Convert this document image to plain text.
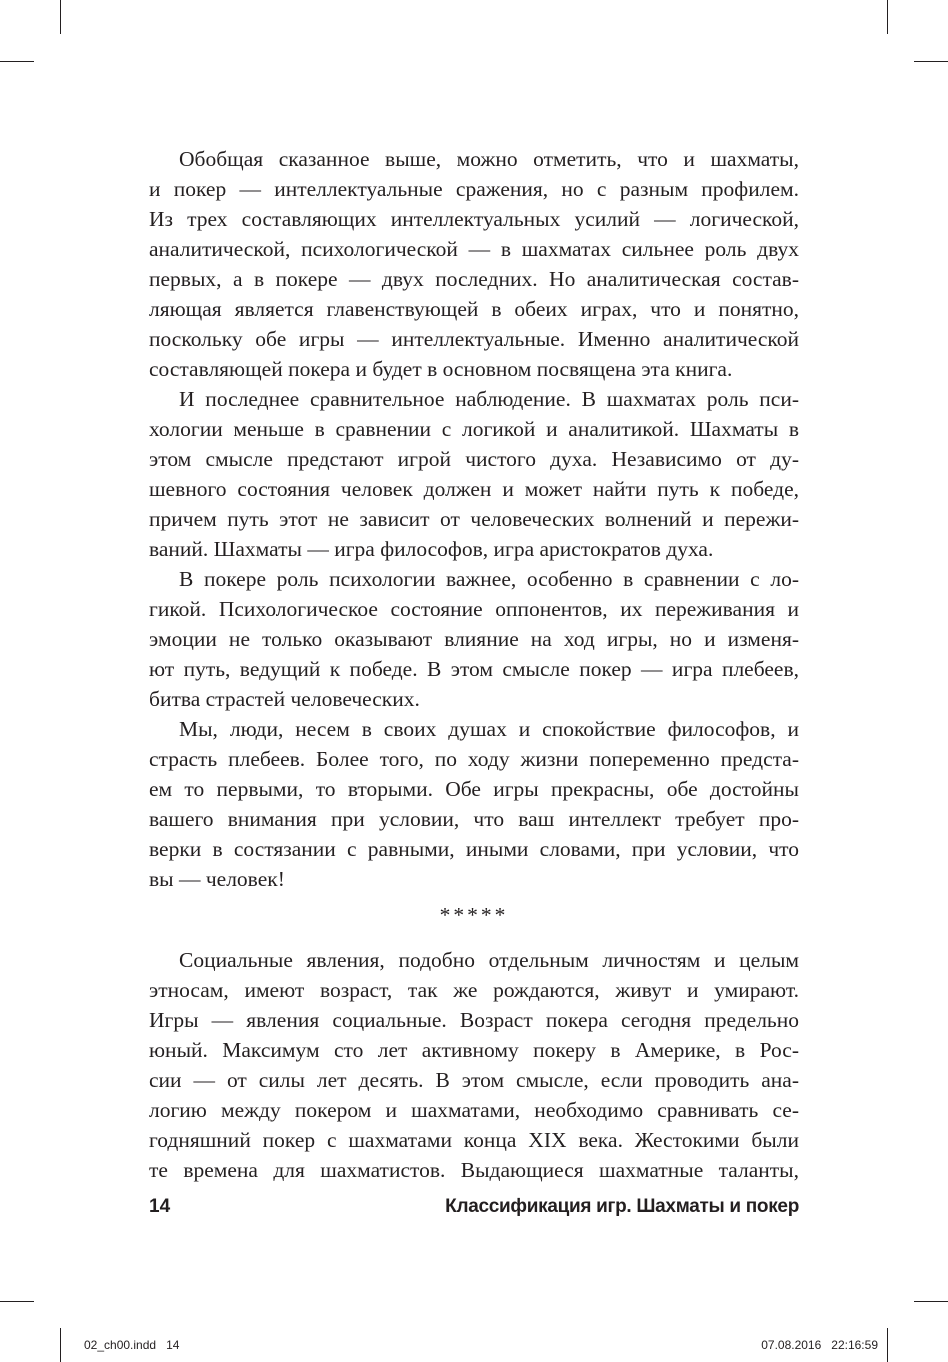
Обобщая сказанное выше, можно отметить, что и шахматы,
и покер — интеллектуальные сражения, но с разным профилем.
Из трех составляющих интеллектуальных усилий — логической,
аналитической, психологической — в шахматах сильнее роль двух
первых, а в покере — двух последних. Но аналитическая состав-
ляющая является главенствующей в обеих играх, что и понятно,
поскольку обе игры — интеллектуальные. Именно аналитической
составляющей покера и будет в основном посвящена эта книга.
И последнее сравнительное наблюдение. В шахматах роль пси-
хологии меньше в сравнении с логикой и аналитикой. Шахматы в
этом смысле предстают игрой чистого духа. Независимо от ду-
шевного состояния человек должен и может найти путь к победе,
причем путь этот не зависит от человеческих волнений и пережи-
ваний. Шахматы — игра философов, игра аристократов духа.
В покере роль психологии важнее, особенно в сравнении с ло-
гикой. Психологическое состояние оппонентов, их переживания и
эмоции не только оказывают влияние на ход игры, но и изменя-
ют путь, ведущий к победе. В этом смысле покер — игра плебеев,
битва страстей человеческих.
Мы, люди, несем в своих душах и спокойствие философов, и
страсть плебеев. Более того, по ходу жизни попеременно предста-
ем то первыми, то вторыми. Обе игры прекрасны, обе достойны
вашего внимания при условии, что ваш интеллект требует про-
верки в состязании с равными, иными словами, при условии, что
вы — человек!
*****
Социальные явления, подобно отдельным личностям и целым
этносам, имеют возраст, так же рождаются, живут и умирают.
Игры — явления социальные. Возраст покера сегодня предельно
юный. Максимум сто лет активному покеру в Америке, в Рос-
сии — от силы лет десять. В этом смысле, если проводить ана-
логию между покером и шахматами, необходимо сравнивать се-
годняшний покер с шахматами конца XIX века. Жестокими были
те времена для шахматистов. Выдающиеся шахматные таланты,
14	Классификация игр. Шахматы и покер
02_ch00.indd   14	07.08.2016   22:16:59
